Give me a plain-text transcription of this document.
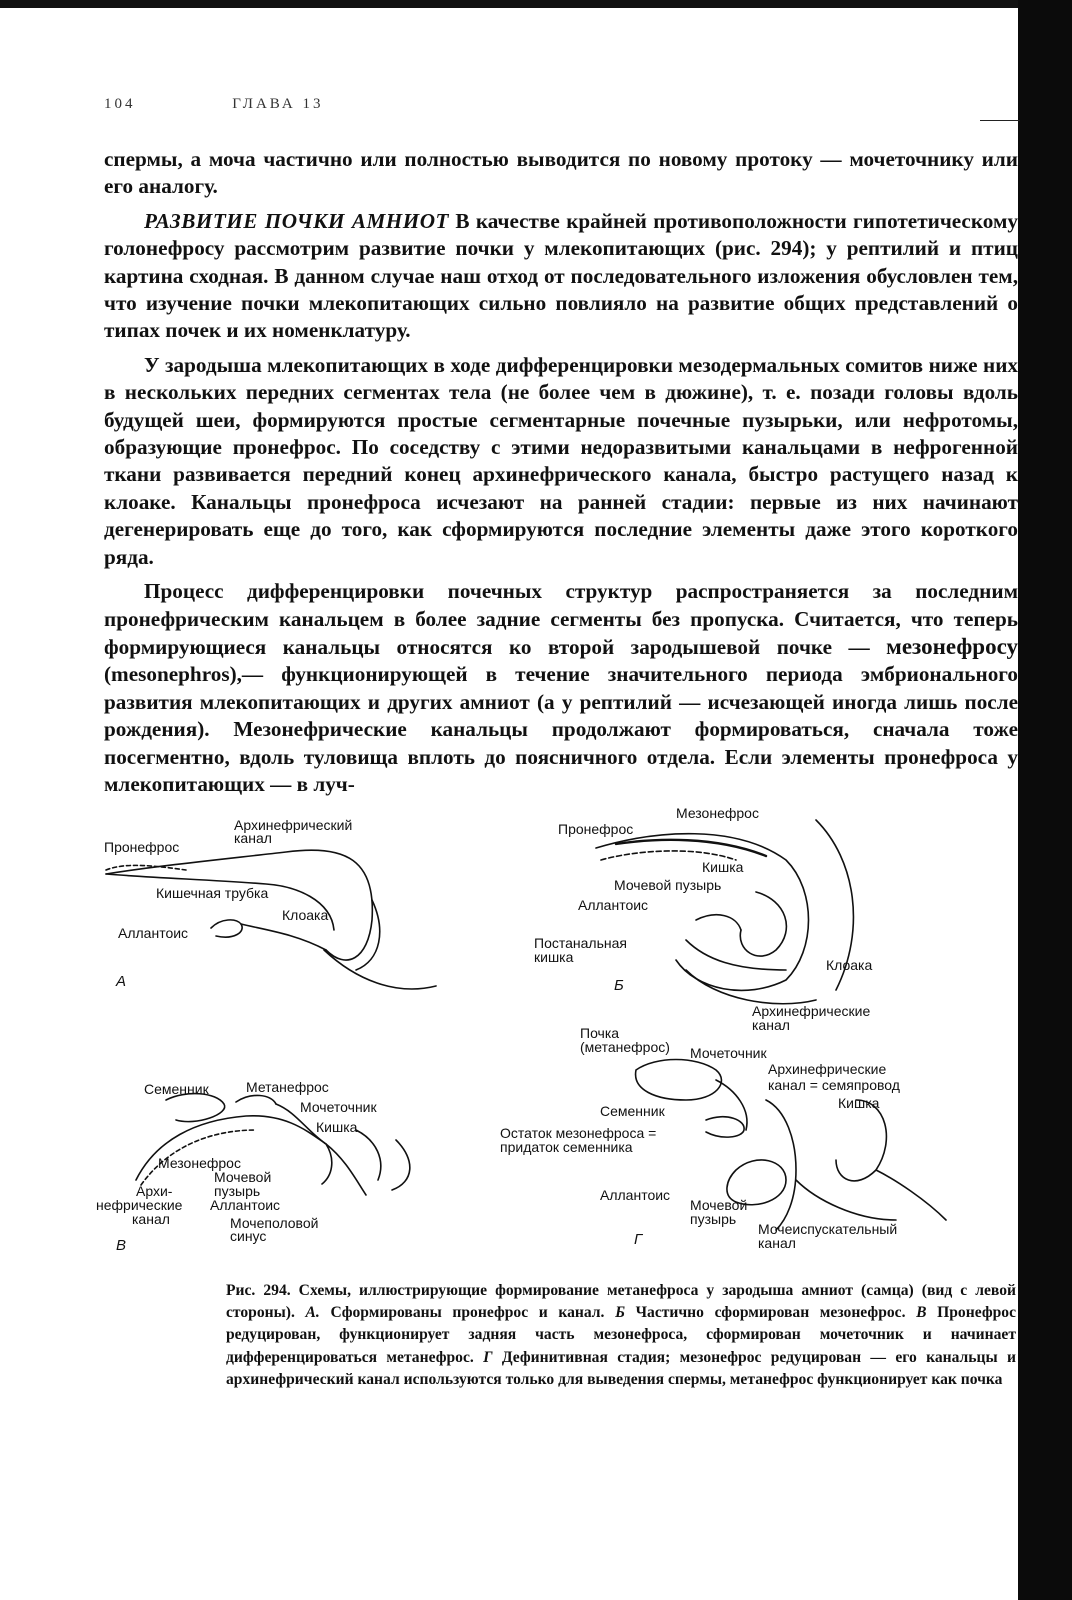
104	ГЛАВА 13

спермы, а моча частично или полностью выводится по новому протоку — мочеточнику или его аналогу.

РАЗВИТИЕ ПОЧКИ АМНИОТ В качестве крайней противоположности гипотетическому голонефросу рассмотрим развитие почки у млекопитающих (рис. 294); у рептилий и птиц картина сходная. В данном случае наш отход от последовательного изложения обусловлен тем, что изучение почки млекопитающих сильно повлияло на развитие общих представлений о типах почек и их номенклатуру.

У зародыша млекопитающих в ходе дифференцировки мезодермальных сомитов ниже них в нескольких передних сегментах тела (не более чем в дюжине), т. е. позади головы вдоль будущей шеи, формируются простые сегментарные почечные пузырьки, или нефротомы, образующие пронефрос. По соседству с этими недоразвитыми канальцами в нефрогенной ткани развивается передний конец архинефрического канала, быстро растущего назад к клоаке. Канальцы пронефроса исчезают на ранней стадии: первые из них начинают дегенерировать еще до того, как сформируются последние элементы даже этого короткого ряда.

Процесс дифференцировки почечных структур распространяется за последним пронефрическим канальцем в более задние сегменты без пропуска. Считается, что теперь формирующиеся канальцы относятся ко второй зародышевой почке — мезонефросу (mesonephros),— функционирующей в течение значительного периода эмбрионального развития млекопитающих и других амниот (а у рептилий — исчезающей иногда лишь после рождения). Мезонефрические канальцы продолжают формироваться, сначала тоже посегментно, вдоль туловища вплоть до поясничного отдела. Если элементы пронефроса у млекопитающих — в луч-

Пронефрос
Архинефрический
канал
Кишечная трубка
Клоака
Аллантоис
А
Мезонефрос
Пронефрос
Кишка
Мочевой пузырь
Аллантоис
Постанальная
кишка	Клоака
Архинефрические
канал
Б
Семенник	Метанефрос
Мочеточник
Кишка
Мезонефрос
Мочевой
пузырь
Архи-
нефрические
канал
Аллантоис
Мочеполовой
синус
В
Почка
(метанефрос) Мочеточник
Архинефрические
канал = семяпровод
Кишка
Семенник
Остаток мезонефроса =
придаток семенника
Аллантоис
Мочевой
пузырь
Мочеиспускательный
канал
Г
Рис. 294. Схемы, иллюстрирующие формирование метанефроса у зародыша амниот (самца) (вид с левой стороны). А. Сформированы пронефрос и канал. Б Частично сформирован мезонефрос. В Пронефрос редуцирован, функционирует задняя часть мезонефроса, сформирован мочеточник и начинает дифференцироваться метанефрос. Г Дефинитивная стадия; мезонефрос редуцирован — его канальцы и архинефрический канал используются только для выведения спермы, метанефрос функционирует как почка
